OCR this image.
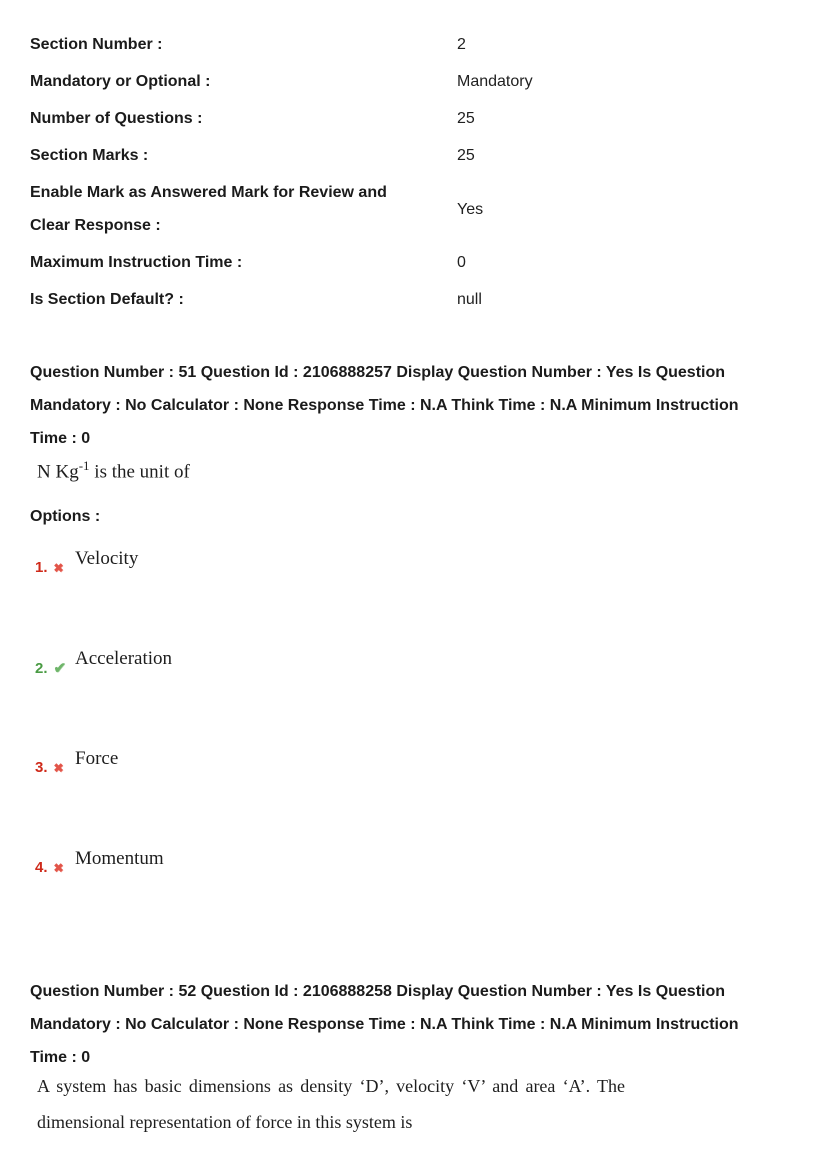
Section Number :	2
Mandatory or Optional :	Mandatory
Number of Questions :	25
Section Marks :	25
Enable Mark as Answered Mark for Review and
Clear Response :
Yes
Maximum Instruction Time :	0
Is Section Default? :	null
Question Number : 51 Question Id : 2106888257 Display Question Number : Yes Is Question
Mandatory : No Calculator : None Response Time : N.A Think Time : N.A Minimum Instruction
Time : 0
N $Kg^{-1}$ is the unit of
Options :
1. ✖ Velocity
2. ✔ Acceleration
3. ✖ Force
4. ✖ Momentum
Question Number : 52 Question Id : 2106888258 Display Question Number : Yes Is Question
Mandatory : No Calculator : None Response Time : N.A Think Time : N.A Minimum Instruction
Time : 0
A system has basic dimensions as density ‘D’, velocity ‘V’ and area ‘A’. The
dimensional representation of force in this system is
